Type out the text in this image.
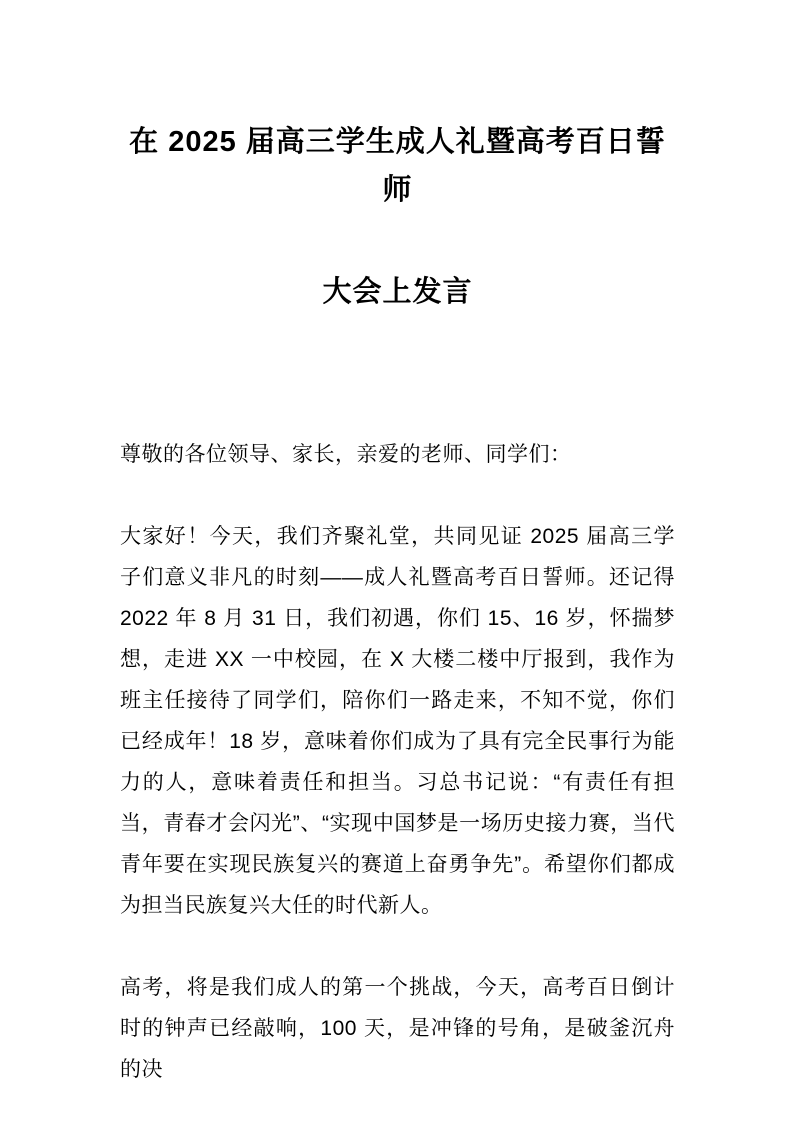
在 2025 届高三学生成人礼暨高考百日誓师
大会上发言

尊敬的各位领导、家长，亲爱的老师、同学们：

大家好！今天，我们齐聚礼堂，共同见证 2025 届高三学子们意义非凡的时刻——成人礼暨高考百日誓师。还记得 2022 年 8 月 31 日，我们初遇，你们 15、16 岁，怀揣梦想，走进 XX 一中校园，在 X 大楼二楼中厅报到，我作为班主任接待了同学们，陪你们一路走来，不知不觉，你们已经成年！18 岁，意味着你们成为了具有完全民事行为能力的人，意味着责任和担当。习总书记说：“有责任有担当，青春才会闪光”、“实现中国梦是一场历史接力赛，当代青年要在实现民族复兴的赛道上奋勇争先”。希望你们都成为担当民族复兴大任的时代新人。

高考，将是我们成人的第一个挑战，今天，高考百日倒计时的钟声已经敲响，100 天，是冲锋的号角，是破釜沉舟的决
